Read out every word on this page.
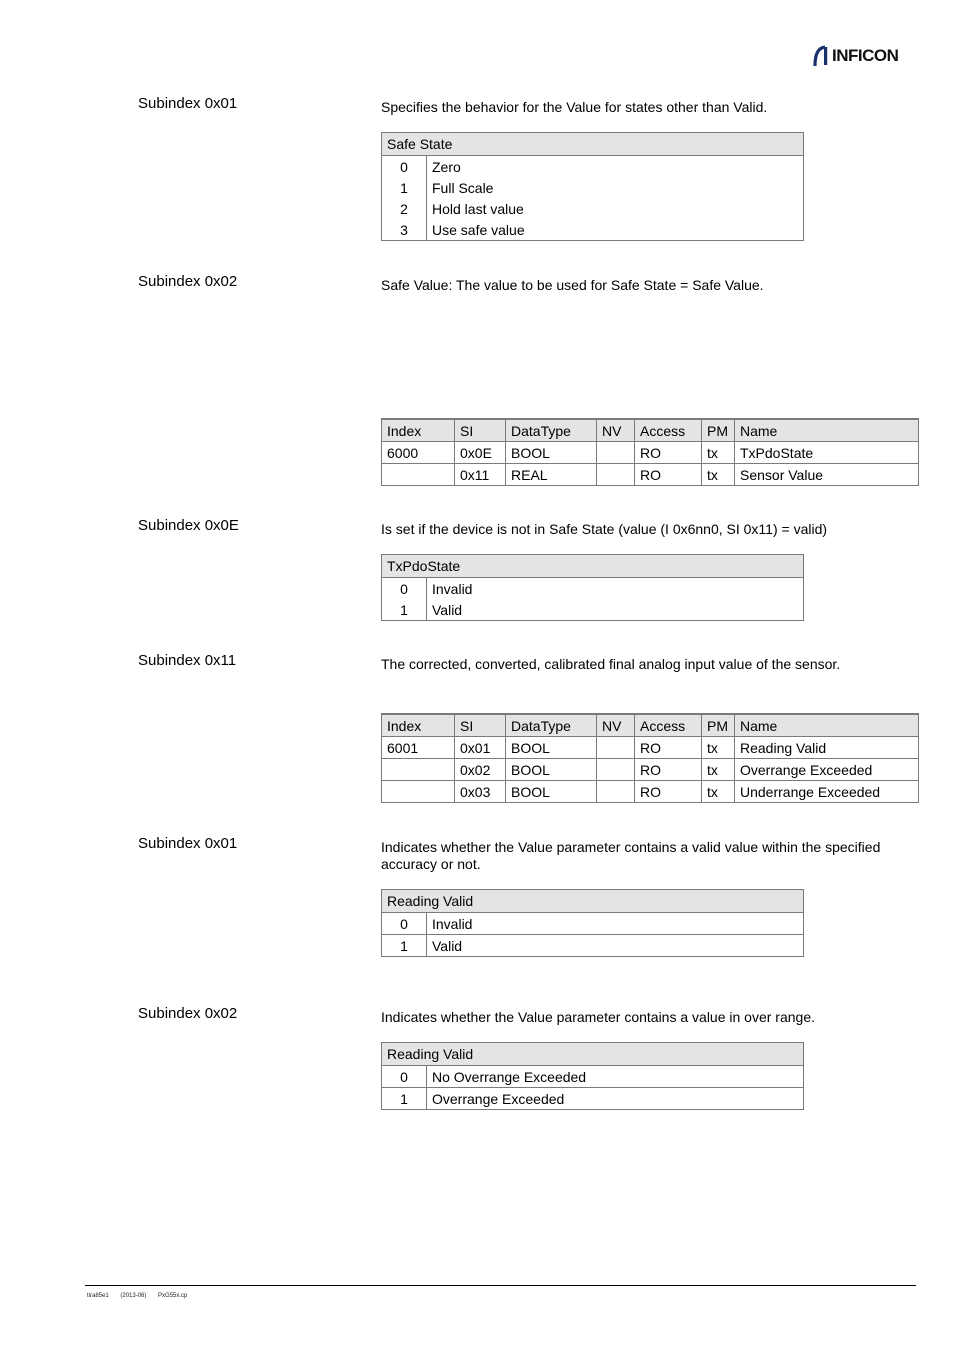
INFICON
Subindex 0x01	Specifies the behavior for the Value for states other than Valid.
Safe State	
0	Zero
1	Full Scale
2	Hold last value
3	Use safe value
Subindex 0x02	Safe Value: The value to be used for Safe State = Safe Value.
Index	SI	DataType	NV	Access	PM	Name
6000	0x0E	BOOL		RO	tx	TxPdoState
	0x11	REAL		RO	tx	Sensor Value
Subindex 0x0E	Is set if the device is not in Safe State (value (I 0x6nn0, SI 0x11) = valid)
TxPdoState	
0	Invalid
1	Valid
Subindex 0x11	The corrected, converted, calibrated final analog input value of the sensor.
Index	SI	DataType	NV	Access	PM	Name
6001	0x01	BOOL		RO	tx	Reading Valid
	0x02	BOOL		RO	tx	Overrange Exceeded
	0x03	BOOL		RO	tx	Underrange Exceeded
Subindex 0x01	Indicates whether the Value parameter contains a valid value within the specified accuracy or not.
Reading Valid	
0	Invalid
1	Valid
Subindex 0x02	Indicates whether the Value parameter contains a value in over range.
Reading Valid	
0	No Overrange Exceeded
1	Overrange Exceeded
tira85e1 (2013-06) PxG55x.cp
